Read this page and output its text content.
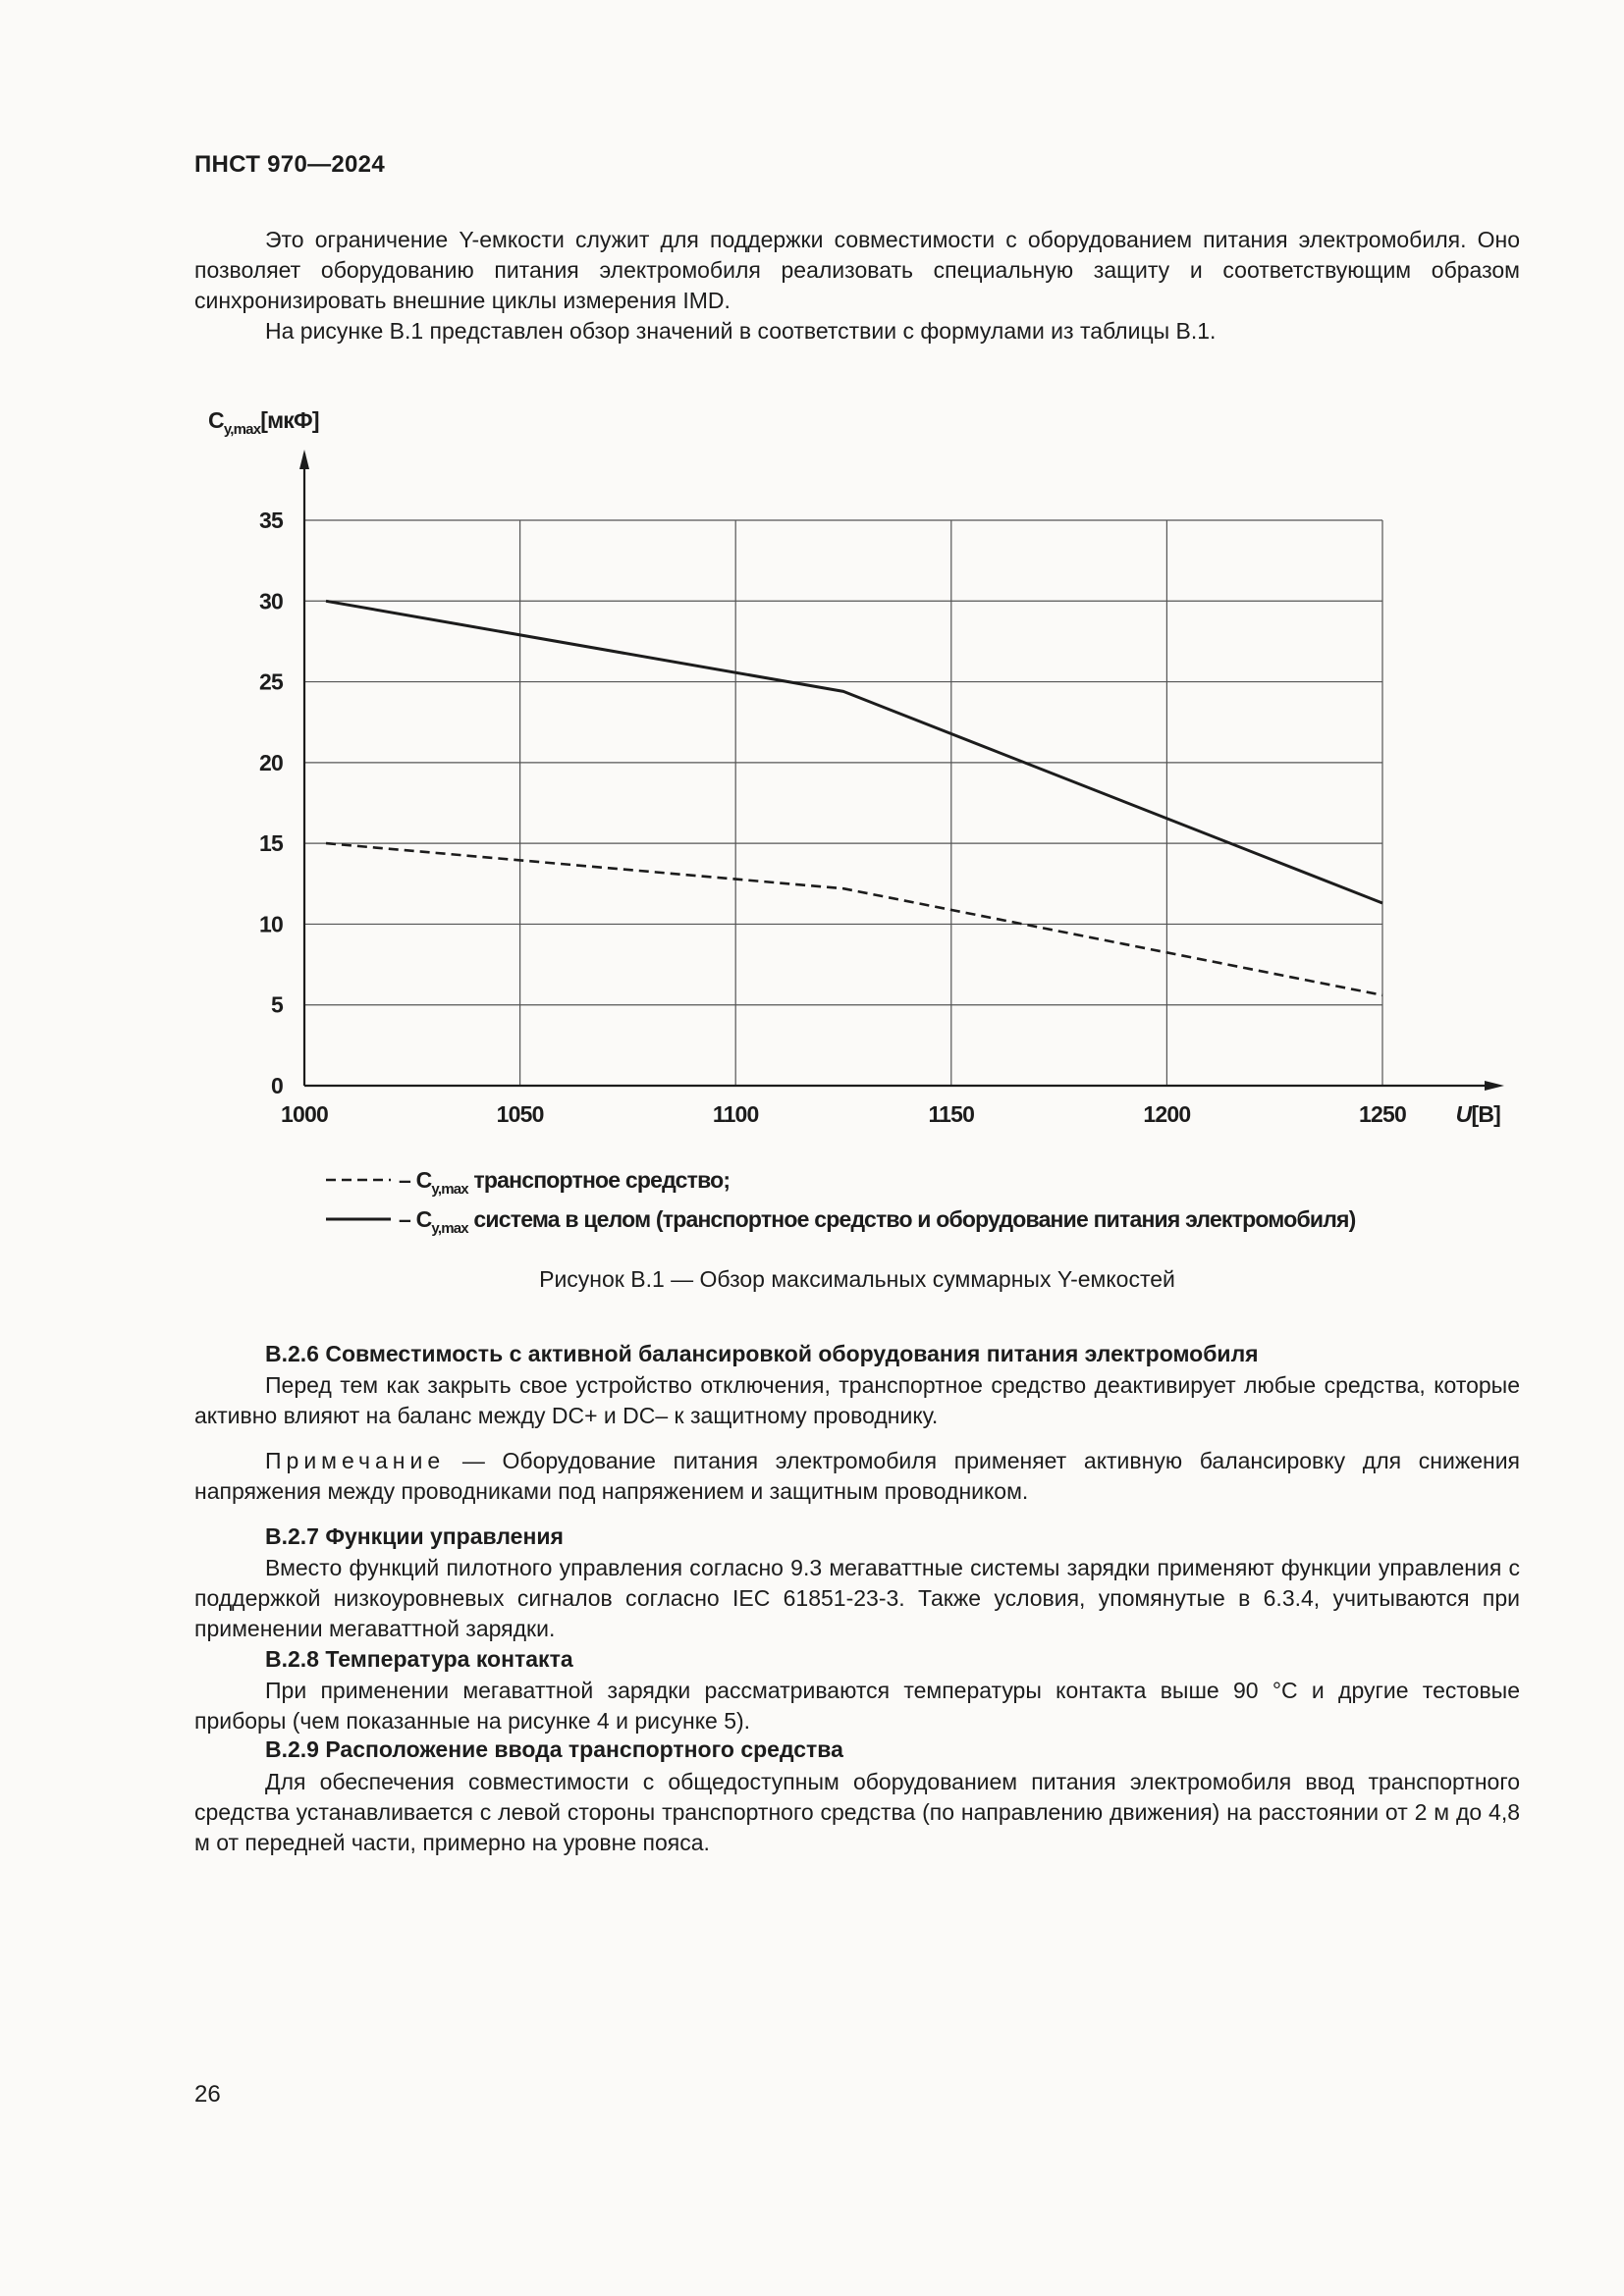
ПНСТ 970—2024

Это ограничение Y-емкости служит для поддержки совместимости с оборудованием питания электромобиля. Оно позволяет оборудованию питания электромобиля реализовать специальную защиту и соответствующим образом синхронизировать внешние циклы измерения IMD.

На рисунке В.1 представлен обзор значений в соответствии с формулами из таблицы В.1.

0
5
10
15
20
25
30
35
1000	1050	1100	1150	1200	1250
$C_{y,max}[мкФ]$
U[В]
– $C_{y,max}$ транспортное средство;
– $C_{y,max}$ система в целом (транспортное средство и оборудование питания электромобиля)
Рисунок В.1 — Обзор максимальных суммарных Y-емкостей
B.2.6 Совместимость с активной балансировкой оборудования питания электромобиля

Перед тем как закрыть свое устройство отключения, транспортное средство деактивирует любые средства, которые активно влияют на баланс между DC+ и DC– к защитному проводнику.

Примечание — Оборудование питания электромобиля применяет активную балансировку для снижения напряжения между проводниками под напряжением и защитным проводником.

B.2.7 Функции управления

Вместо функций пилотного управления согласно 9.3 мегаваттные системы зарядки применяют функции управления с поддержкой низкоуровневых сигналов согласно IEC 61851-23-3. Также условия, упомянутые в 6.3.4, учитываются при применении мегаваттной зарядки.

B.2.8 Температура контакта

При применении мегаваттной зарядки рассматриваются температуры контакта выше 90 °С и другие тестовые приборы (чем показанные на рисунке 4 и рисунке 5).

B.2.9 Расположение ввода транспортного средства

Для обеспечения совместимости с общедоступным оборудованием питания электромобиля ввод транспортного средства устанавливается с левой стороны транспортного средства (по направлению движения) на расстоянии от 2 м до 4,8 м от передней части, примерно на уровне пояса.

26
